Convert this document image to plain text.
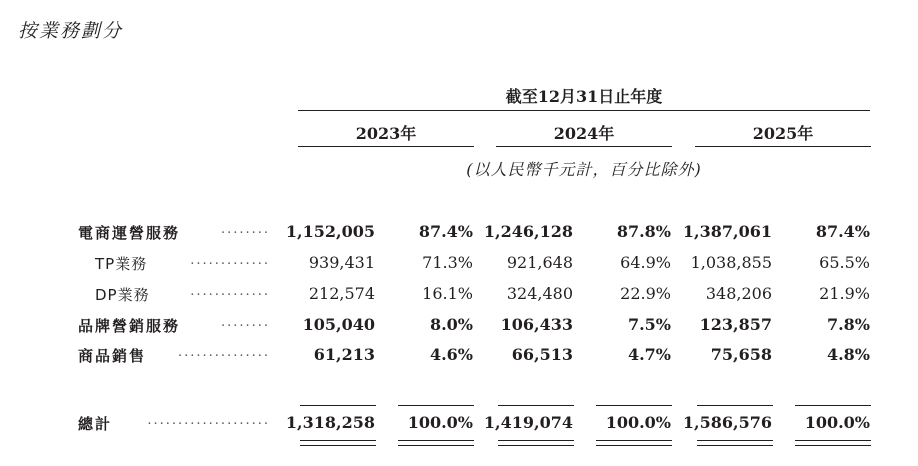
按業務劃分
截至12月31日止年度
2023年	2024年	2025年
(以人民幣千元計，百分比除外)
電商運營服務	........ 1,152,005	87.4% 1,246,128	87.8% 1,387,061	87.4%
TP業務	............. 939,431	71.3% 921,648	64.9% 1,038,855	65.5%
DP業務	............. 212,574	16.1% 324,480	22.9% 348,206	21.9%
品牌營銷服務	........ 105,040	8.0% 106,433	7.5% 123,857	7.8%
商品銷售 ...............	61,213	4.6% 66,513	4.7% 75,658	4.8%
總計	.................... 1,318,258 100.0% 1,419,074 100.0% 1,586,576 100.0%
